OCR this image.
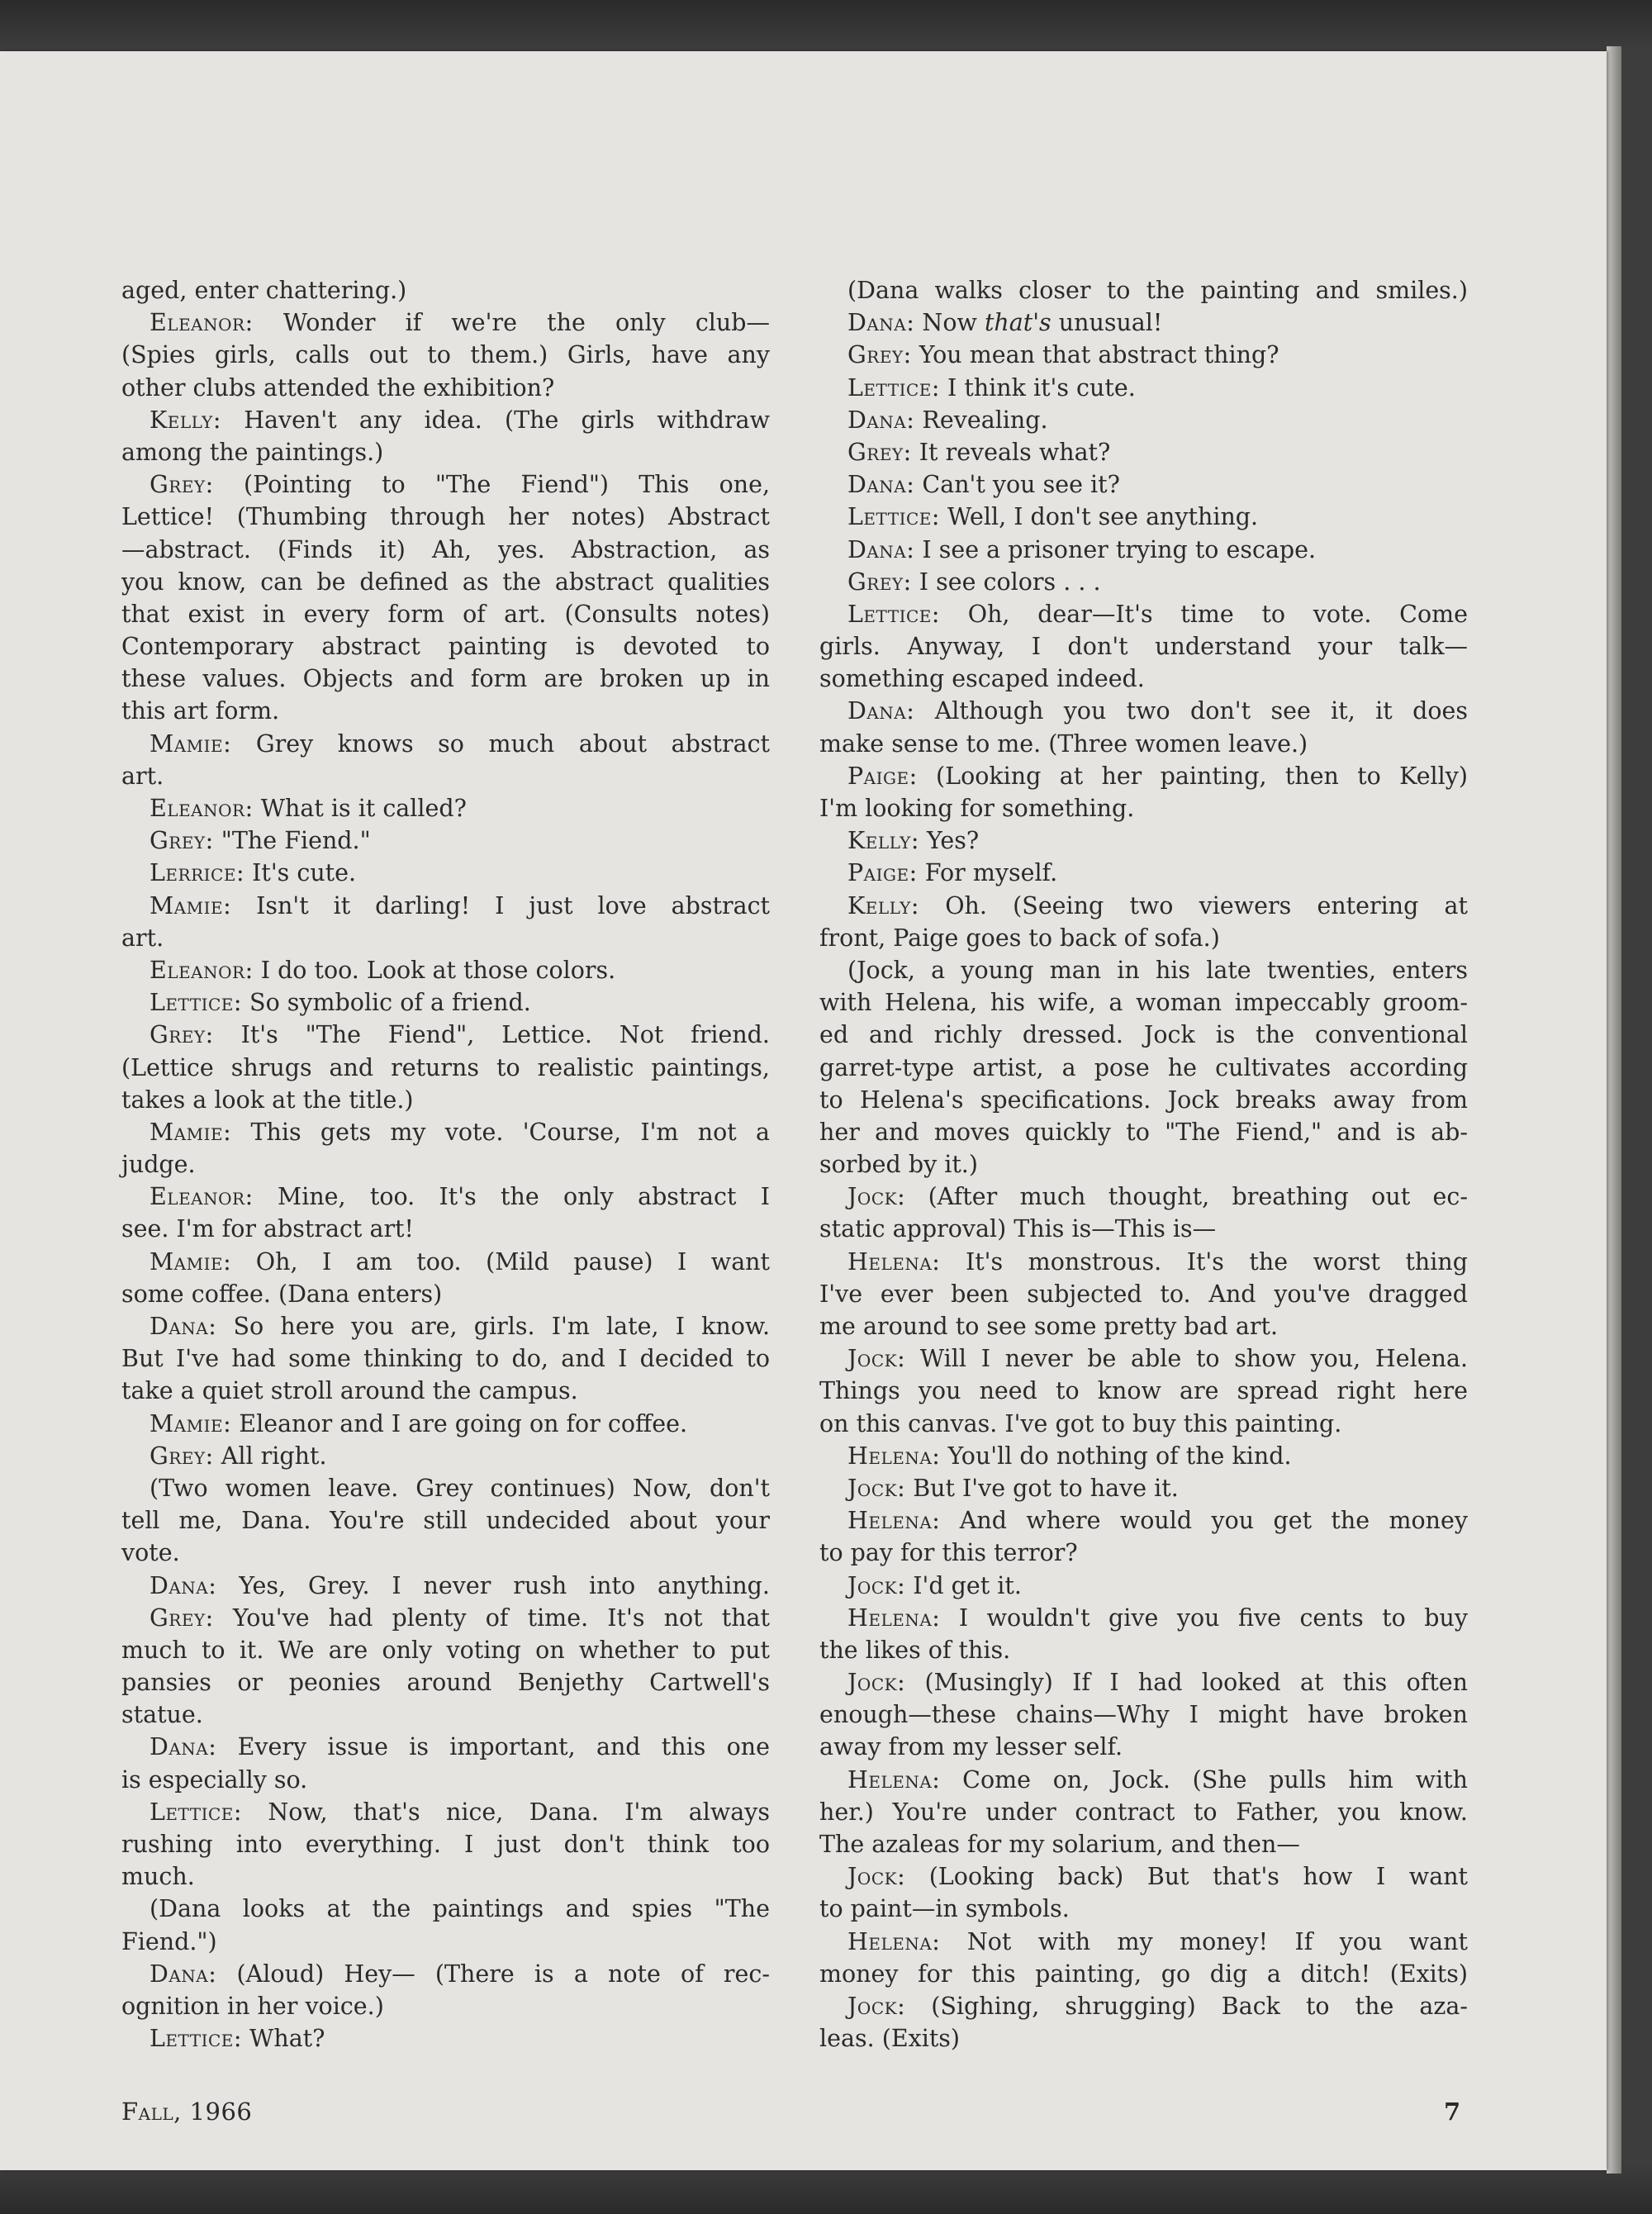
aged, enter chattering.)
Eleanor: Wonder if we're the only club—
(Spies girls, calls out to them.) Girls, have any
other clubs attended the exhibition?
Kelly: Haven't any idea. (The girls withdraw
among the paintings.)
Grey: (Pointing to "The Fiend") This one,
Lettice! (Thumbing through her notes) Abstract
—abstract. (Finds it) Ah, yes. Abstraction, as
you know, can be defined as the abstract qualities
that exist in every form of art. (Consults notes)
Contemporary abstract painting is devoted to
these values. Objects and form are broken up in
this art form.
Mamie: Grey knows so much about abstract
art.
Eleanor: What is it called?
Grey: "The Fiend."
Lerrice: It's cute.
Mamie: Isn't it darling! I just love abstract
art.
Eleanor: I do too. Look at those colors.
Lettice: So symbolic of a friend.
Grey: It's "The Fiend", Lettice. Not friend.
(Lettice shrugs and returns to realistic paintings,
takes a look at the title.)
Mamie: This gets my vote. 'Course, I'm not a
judge.
Eleanor: Mine, too. It's the only abstract I
see. I'm for abstract art!
Mamie: Oh, I am too. (Mild pause) I want
some coffee. (Dana enters)
Dana: So here you are, girls. I'm late, I know.
But I've had some thinking to do, and I decided to
take a quiet stroll around the campus.
Mamie: Eleanor and I are going on for coffee.
Grey: All right.
(Two women leave. Grey continues) Now, don't
tell me, Dana. You're still undecided about your
vote.
Dana: Yes, Grey. I never rush into anything.
Grey: You've had plenty of time. It's not that
much to it. We are only voting on whether to put
pansies or peonies around Benjethy Cartwell's
statue.
Dana: Every issue is important, and this one
is especially so.
Lettice: Now, that's nice, Dana. I'm always
rushing into everything. I just don't think too
much.
(Dana looks at the paintings and spies "The
Fiend.")
Dana: (Aloud) Hey— (There is a note of rec-
ognition in her voice.)
Lettice: What?
(Dana walks closer to the painting and smiles.)
Dana: Now that's unusual!
Grey: You mean that abstract thing?
Lettice: I think it's cute.
Dana: Revealing.
Grey: It reveals what?
Dana: Can't you see it?
Lettice: Well, I don't see anything.
Dana: I see a prisoner trying to escape.
Grey: I see colors . . .
Lettice: Oh, dear—It's time to vote. Come
girls. Anyway, I don't understand your talk—
something escaped indeed.
Dana: Although you two don't see it, it does
make sense to me. (Three women leave.)
Paige: (Looking at her painting, then to Kelly)
I'm looking for something.
Kelly: Yes?
Paige: For myself.
Kelly: Oh. (Seeing two viewers entering at
front, Paige goes to back of sofa.)
(Jock, a young man in his late twenties, enters
with Helena, his wife, a woman impeccably groom-
ed and richly dressed. Jock is the conventional
garret-type artist, a pose he cultivates according
to Helena's specifications. Jock breaks away from
her and moves quickly to "The Fiend," and is ab-
sorbed by it.)
Jock: (After much thought, breathing out ec-
static approval) This is—This is—
Helena: It's monstrous. It's the worst thing
I've ever been subjected to. And you've dragged
me around to see some pretty bad art.
Jock: Will I never be able to show you, Helena.
Things you need to know are spread right here
on this canvas. I've got to buy this painting.
Helena: You'll do nothing of the kind.
Jock: But I've got to have it.
Helena: And where would you get the money
to pay for this terror?
Jock: I'd get it.
Helena: I wouldn't give you five cents to buy
the likes of this.
Jock: (Musingly) If I had looked at this often
enough—these chains—Why I might have broken
away from my lesser self.
Helena: Come on, Jock. (She pulls him with
her.) You're under contract to Father, you know.
The azaleas for my solarium, and then—
Jock: (Looking back) But that's how I want
to paint—in symbols.
Helena: Not with my money! If you want
money for this painting, go dig a ditch! (Exits)
Jock: (Sighing, shrugging) Back to the aza-
leas. (Exits)
Fall, 1966	7
